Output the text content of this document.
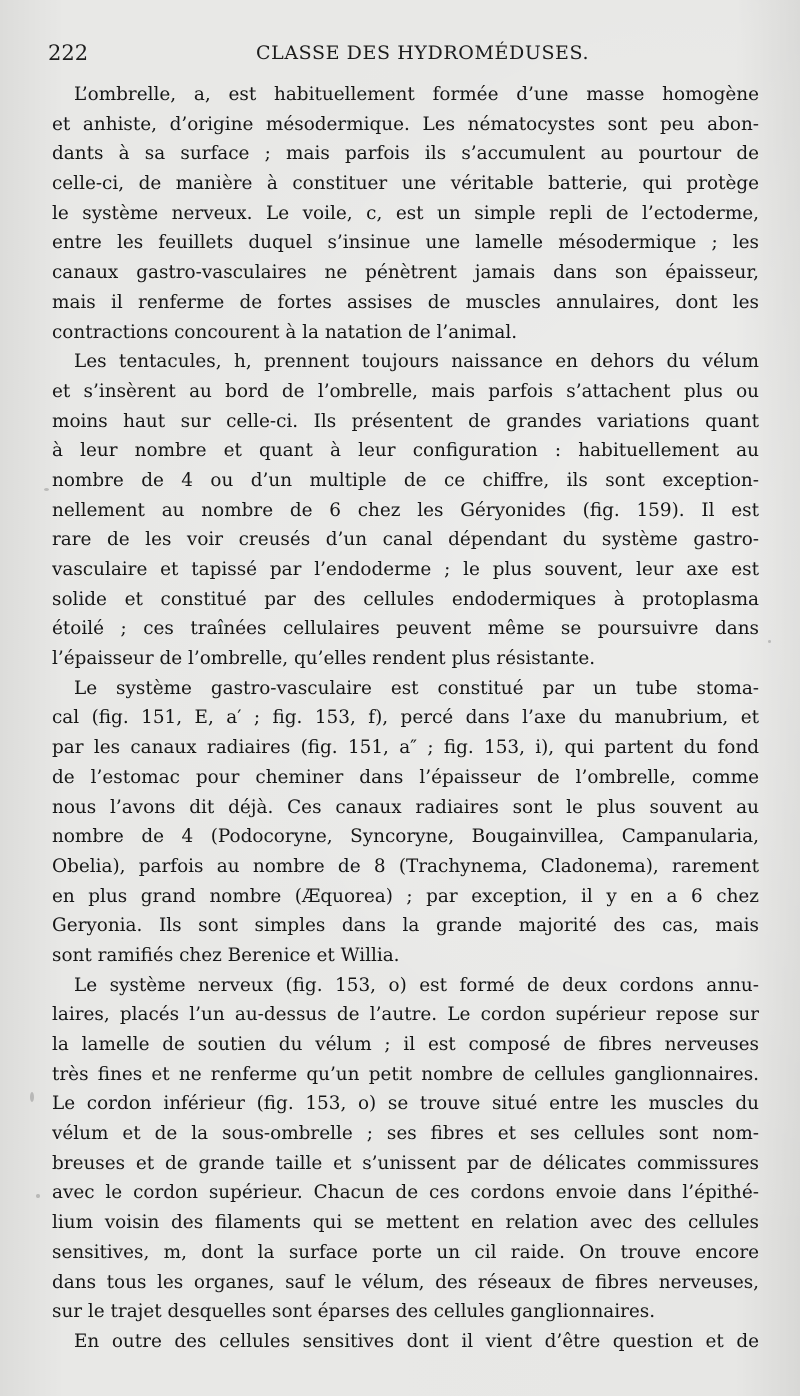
222	CLASSE DES HYDROMÉDUSES.
L’ombrelle, a, est habituellement formée d’une masse homogène
et anhiste, d’origine mésodermique. Les nématocystes sont peu abon-
dants à sa surface ; mais parfois ils s’accumulent au pourtour de
celle-ci, de manière à constituer une véritable batterie, qui protège
le système nerveux. Le voile, c, est un simple repli de l’ectoderme,
entre les feuillets duquel s’insinue une lamelle mésodermique ; les
canaux gastro-vasculaires ne pénètrent jamais dans son épaisseur,
mais il renferme de fortes assises de muscles annulaires, dont les
contractions concourent à la natation de l’animal.
Les tentacules, h, prennent toujours naissance en dehors du vélum
et s’insèrent au bord de l’ombrelle, mais parfois s’attachent plus ou
moins haut sur celle-ci. Ils présentent de grandes variations quant
à leur nombre et quant à leur configuration : habituellement au
nombre de 4 ou d’un multiple de ce chiffre, ils sont exception-
nellement au nombre de 6 chez les Géryonides (fig. 159). Il est
rare de les voir creusés d’un canal dépendant du système gastro-
vasculaire et tapissé par l’endoderme ; le plus souvent, leur axe est
solide et constitué par des cellules endodermiques à protoplasma
étoilé ; ces traînées cellulaires peuvent même se poursuivre dans
l’épaisseur de l’ombrelle, qu’elles rendent plus résistante.
Le système gastro-vasculaire est constitué par un tube stoma-
cal (fig. 151, E, a′ ; fig. 153, f), percé dans l’axe du manubrium, et
par les canaux radiaires (fig. 151, a″ ; fig. 153, i), qui partent du fond
de l’estomac pour cheminer dans l’épaisseur de l’ombrelle, comme
nous l’avons dit déjà. Ces canaux radiaires sont le plus souvent au
nombre de 4 (Podocoryne, Syncoryne, Bougainvillea, Campanularia,
Obelia), parfois au nombre de 8 (Trachynema, Cladonema), rarement
en plus grand nombre (Æquorea) ; par exception, il y en a 6 chez
Geryonia. Ils sont simples dans la grande majorité des cas, mais
sont ramifiés chez Berenice et Willia.
Le système nerveux (fig. 153, o) est formé de deux cordons annu-
laires, placés l’un au-dessus de l’autre. Le cordon supérieur repose sur
la lamelle de soutien du vélum ; il est composé de fibres nerveuses
très fines et ne renferme qu’un petit nombre de cellules ganglionnaires.
Le cordon inférieur (fig. 153, o) se trouve situé entre les muscles du
vélum et de la sous-ombrelle ; ses fibres et ses cellules sont nom-
breuses et de grande taille et s’unissent par de délicates commissures
avec le cordon supérieur. Chacun de ces cordons envoie dans l’épithé-
lium voisin des filaments qui se mettent en relation avec des cellules
sensitives, m, dont la surface porte un cil raide. On trouve encore
dans tous les organes, sauf le vélum, des réseaux de fibres nerveuses,
sur le trajet desquelles sont éparses des cellules ganglionnaires.
En outre des cellules sensitives dont il vient d’être question et de
